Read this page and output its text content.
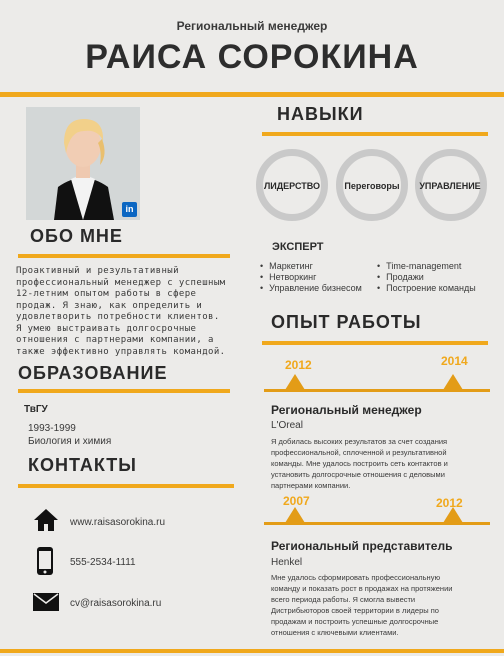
Региональный менеджер
РАИСА СОРОКИНА
in
ОБО МНЕ
Проактивный и результативный профессиональный менеджер с успешным 12-летним опытом работы в сфере продаж. Я знаю, как определить и удовлетворить потребности клиентов. Я умею выстраивать долгосрочные отношения с партнерами компании, а также эффективно управлять командой.
ОБРАЗОВАНИЕ
ТвГУ
1993-1999
Биология и химия
КОНТАКТЫ
www.raisasorokina.ru
555-2534-1111
cv@raisasorokina.ru
НАВЫКИ
ЛИДЕРСТВО	Переговоры	УПРАВЛЕНИЕ
ЭКСПЕРТ
• Маркетинг
• Нетворкинг
• Управление бизнесом
• Time-management
• Продажи
• Построение команды
ОПЫТ РАБОТЫ
2012	2014
Региональный менеджер
L'Oreal
Я добилась высоких результатов за счет создания профессиональной, сплоченной и результативной команды. Мне удалось построить сеть контактов и установить долгосрочные отношения с деловыми партнерами компании.
2007	2012
Региональный представитель
Henkel
Мне удалось сформировать профессиональную команду и показать рост в продажах на протяжении всего периода работы. Я смогла вывести Дистрибьюторов своей территории в лидеры по продажам и построить успешные долгосрочные отношения с ключевыми клиентами.
